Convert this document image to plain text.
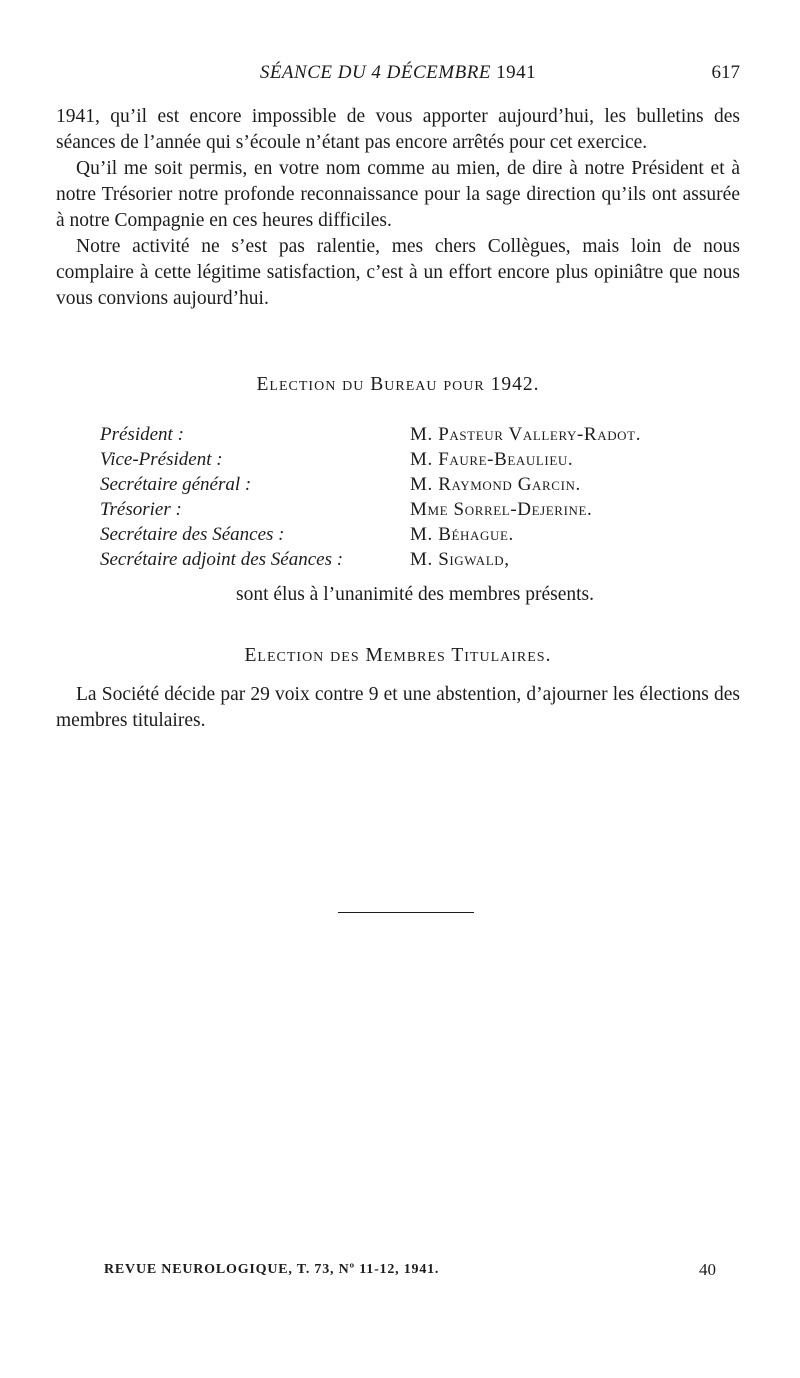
SÉANCE DU 4 DÉCEMBRE 1941	617

1941, qu’il est encore impossible de vous apporter aujourd’hui, les bulletins des séances de l’année qui s’écoule n’étant pas encore arrêtés pour cet exercice.

Qu’il me soit permis, en votre nom comme au mien, de dire à notre Président et à notre Trésorier notre profonde reconnaissance pour la sage direction qu’ils ont assurée à notre Compagnie en ces heures difficiles.

Notre activité ne s’est pas ralentie, mes chers Collègues, mais loin de nous complaire à cette légitime satisfaction, c’est à un effort encore plus opiniâtre que nous vous convions aujourd’hui.

Election du Bureau pour 1942.
Président :	M. Pasteur Vallery-Radot.
Vice-Président :	M. Faure-Beaulieu.
Secrétaire général :	M. Raymond Garcin.
Trésorier :	Mme Sorrel-Dejerine.
Secrétaire des Séances :	M. Béhague.
Secrétaire adjoint des Séances :	M. Sigwald,
sont élus à l’unanimité des membres présents.
Election des Membres Titulaires.

La Société décide par 29 voix contre 9 et une abstention, d’ajourner les élections des membres titulaires.

REVUE NEUROLOGIQUE, T. 73, Nº 11-12, 1941.	40
